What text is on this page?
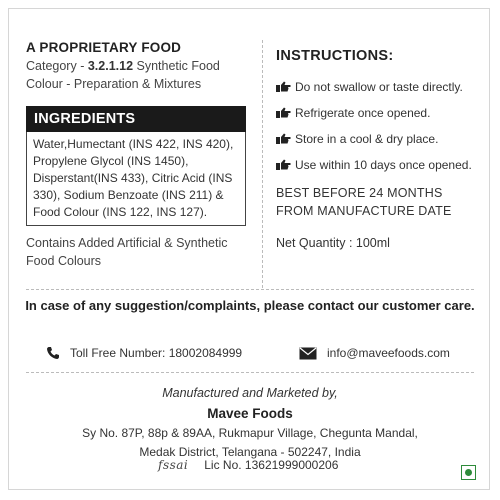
A PROPRIETARY FOOD
Category - 3.2.1.12 Synthetic Food Colour - Preparation & Mixtures
INGREDIENTS
Water,Humectant (INS 422, INS 420), Propylene Glycol (INS 1450), Disperstant(INS 433), Citric Acid (INS 330), Sodium Benzoate (INS 211) & Food Colour (INS 122, INS 127).
Contains Added Artificial & Synthetic Food Colours
INSTRUCTIONS:
Do not swallow or taste directly.
Refrigerate once opened.
Store in a cool & dry place.
Use within 10 days once opened.
BEST BEFORE 24 MONTHS FROM MANUFACTURE DATE
Net Quantity : 100ml
In case of any suggestion/complaints, please contact our customer care.
Toll Free Number: 18002084999	info@maveefoods.com
Manufactured and Marketed by,
Mavee Foods
Sy No. 87P, 88p & 89AA, Rukmapur Village, Chegunta Mandal,
Medak District, Telangana - 502247, India
fssai Lic No. 13621999000206
